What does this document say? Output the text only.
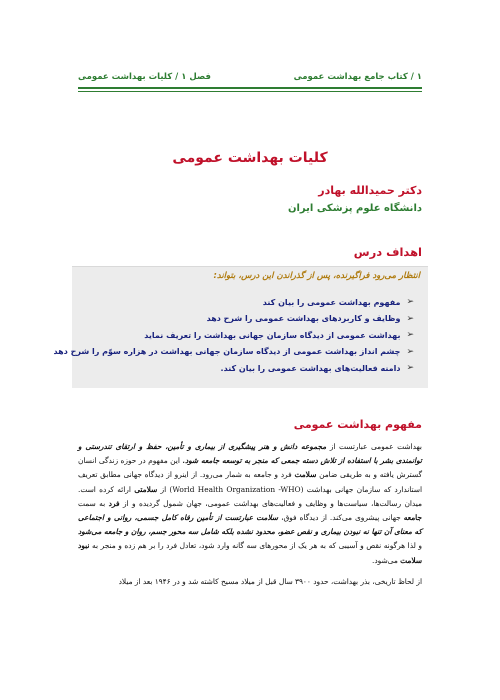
۱ / کتاب جامع بهداشت عمومی
فصل ۱ / کلیات بهداشت عمومی
کلیات بهداشت عمومی
دکتر حمیدالله بهادر
دانشگاه علوم پزشکی ایران
اهداف درس
انتظار می‌رود فراگیرنده، پس از گذراندن این درس، بتواند:
➢
مفهوم بهداشت عمومی را بیان کند
➢
وظایف و کاربردهای بهداشت عمومی را شرح دهد
➢
بهداشت عمومی از دیدگاه سازمان جهانی بهداشت را تعریف نماید
➢
چشم انداز بهداشت عمومی از دیدگاه سازمان جهانی بهداشت در هزاره سوّم را شرح دهد
➢
دامنه فعالیت‌های بهداشت عمومی را بیان کند.
مفهوم بهداشت عمومی

بهداشت عمومی عبارتست از مجموعه دانش و هنر پیشگیری از بیماری و تأمین، حفظ و ارتقای تندرستی و توانمندی بشر با استفاده از تلاش دسته جمعی که منجر به توسعه جامعه شود. این مفهوم در حوزه زندگی انسان گسترش یافته و به طریقی ضامن سلامت فرد و جامعه به شمار می‌رود. از اینرو از دیدگاه جهانی مطابق تعریف استاندارد که سازمان جهانی بهداشت (World Health Organization -WHO) از سلامتی ارائه کرده است. میدان رسالت‌ها، سیاست‌ها و وظایف و فعالیت‌های بهداشت عمومی، جهان شمول گردیده و از فرد به سمت جامعه جهانی پیشروی می‌کند. از دیدگاه فوق، سلامت عبارتست از تأمین رفاه کامل جسمی، روانی و اجتماعی که معنای آن تنها نه نبودن بیماری و نقص عضو، محدود نشده بلکه شامل سه محور جسم، روان و جامعه می‌شود و لذا هرگونه نقص و آسیبی که به هر یک از محورهای سه گانه وارد شود، تعادل فرد را بر هم زده و منجر به نبود سلامت می‌شود.

از لحاظ تاریخی، بذر بهداشت، حدود ۳۹۰۰ سال قبل از میلاد مسیح کاشته شد و در ۱۹۴۶ بعد از میلاد
